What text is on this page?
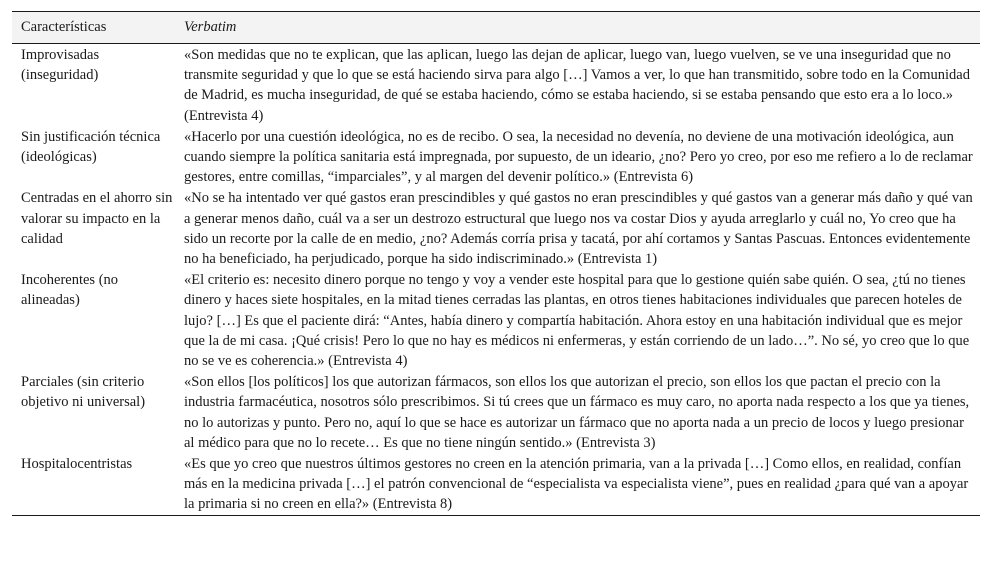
Características	Verbatim
Improvisadas (inseguridad)	«Son medidas que no te explican, que las aplican, luego las dejan de aplicar, luego van, luego vuelven, se ve una inseguridad que no transmite seguridad y que lo que se está haciendo sirva para algo […] Vamos a ver, lo que han transmitido, sobre todo en la Comunidad de Madrid, es mucha inseguridad, de qué se estaba haciendo, cómo se estaba haciendo, si se estaba pensando que esto era a lo loco.» (Entrevista 4)
Sin justificación técnica (ideológicas)	«Hacerlo por una cuestión ideológica, no es de recibo. O sea, la necesidad no devenía, no deviene de una motivación ideológica, aun cuando siempre la política sanitaria está impregnada, por supuesto, de un ideario, ¿no? Pero yo creo, por eso me refiero a lo de reclamar gestores, entre comillas, “imparciales”, y al margen del devenir político.» (Entrevista 6)
Centradas en el ahorro sin valorar su impacto en la calidad	«No se ha intentado ver qué gastos eran prescindibles y qué gastos no eran prescindibles y qué gastos van a generar más daño y qué van a generar menos daño, cuál va a ser un destrozo estructural que luego nos va costar Dios y ayuda arreglarlo y cuál no, Yo creo que ha sido un recorte por la calle de en medio, ¿no? Además corría prisa y tacatá, por ahí cortamos y Santas Pascuas. Entonces evidentemente no ha beneficiado, ha perjudicado, porque ha sido indiscriminado.» (Entrevista 1)
Incoherentes (no alineadas)	«El criterio es: necesito dinero porque no tengo y voy a vender este hospital para que lo gestione quién sabe quién. O sea, ¿tú no tienes dinero y haces siete hospitales, en la mitad tienes cerradas las plantas, en otros tienes habitaciones individuales que parecen hoteles de lujo? […] Es que el paciente dirá: “Antes, había dinero y compartía habitación. Ahora estoy en una habitación individual que es mejor que la de mi casa. ¡Qué crisis! Pero lo que no hay es médicos ni enfermeras, y están corriendo de un lado…”. No sé, yo creo que lo que no se ve es coherencia.» (Entrevista 4)
Parciales (sin criterio objetivo ni universal)	«Son ellos [los políticos] los que autorizan fármacos, son ellos los que autorizan el precio, son ellos los que pactan el precio con la industria farmacéutica, nosotros sólo prescribimos. Si tú crees que un fármaco es muy caro, no aporta nada respecto a los que ya tienes, no lo autorizas y punto. Pero no, aquí lo que se hace es autorizar un fármaco que no aporta nada a un precio de locos y luego presionar al médico para que no lo recete… Es que no tiene ningún sentido.» (Entrevista 3)
Hospitalocentristas	«Es que yo creo que nuestros últimos gestores no creen en la atención primaria, van a la privada […] Como ellos, en realidad, confían más en la medicina privada […] el patrón convencional de “especialista va especialista viene”, pues en realidad ¿para qué van a apoyar la primaria si no creen en ella?» (Entrevista 8)
